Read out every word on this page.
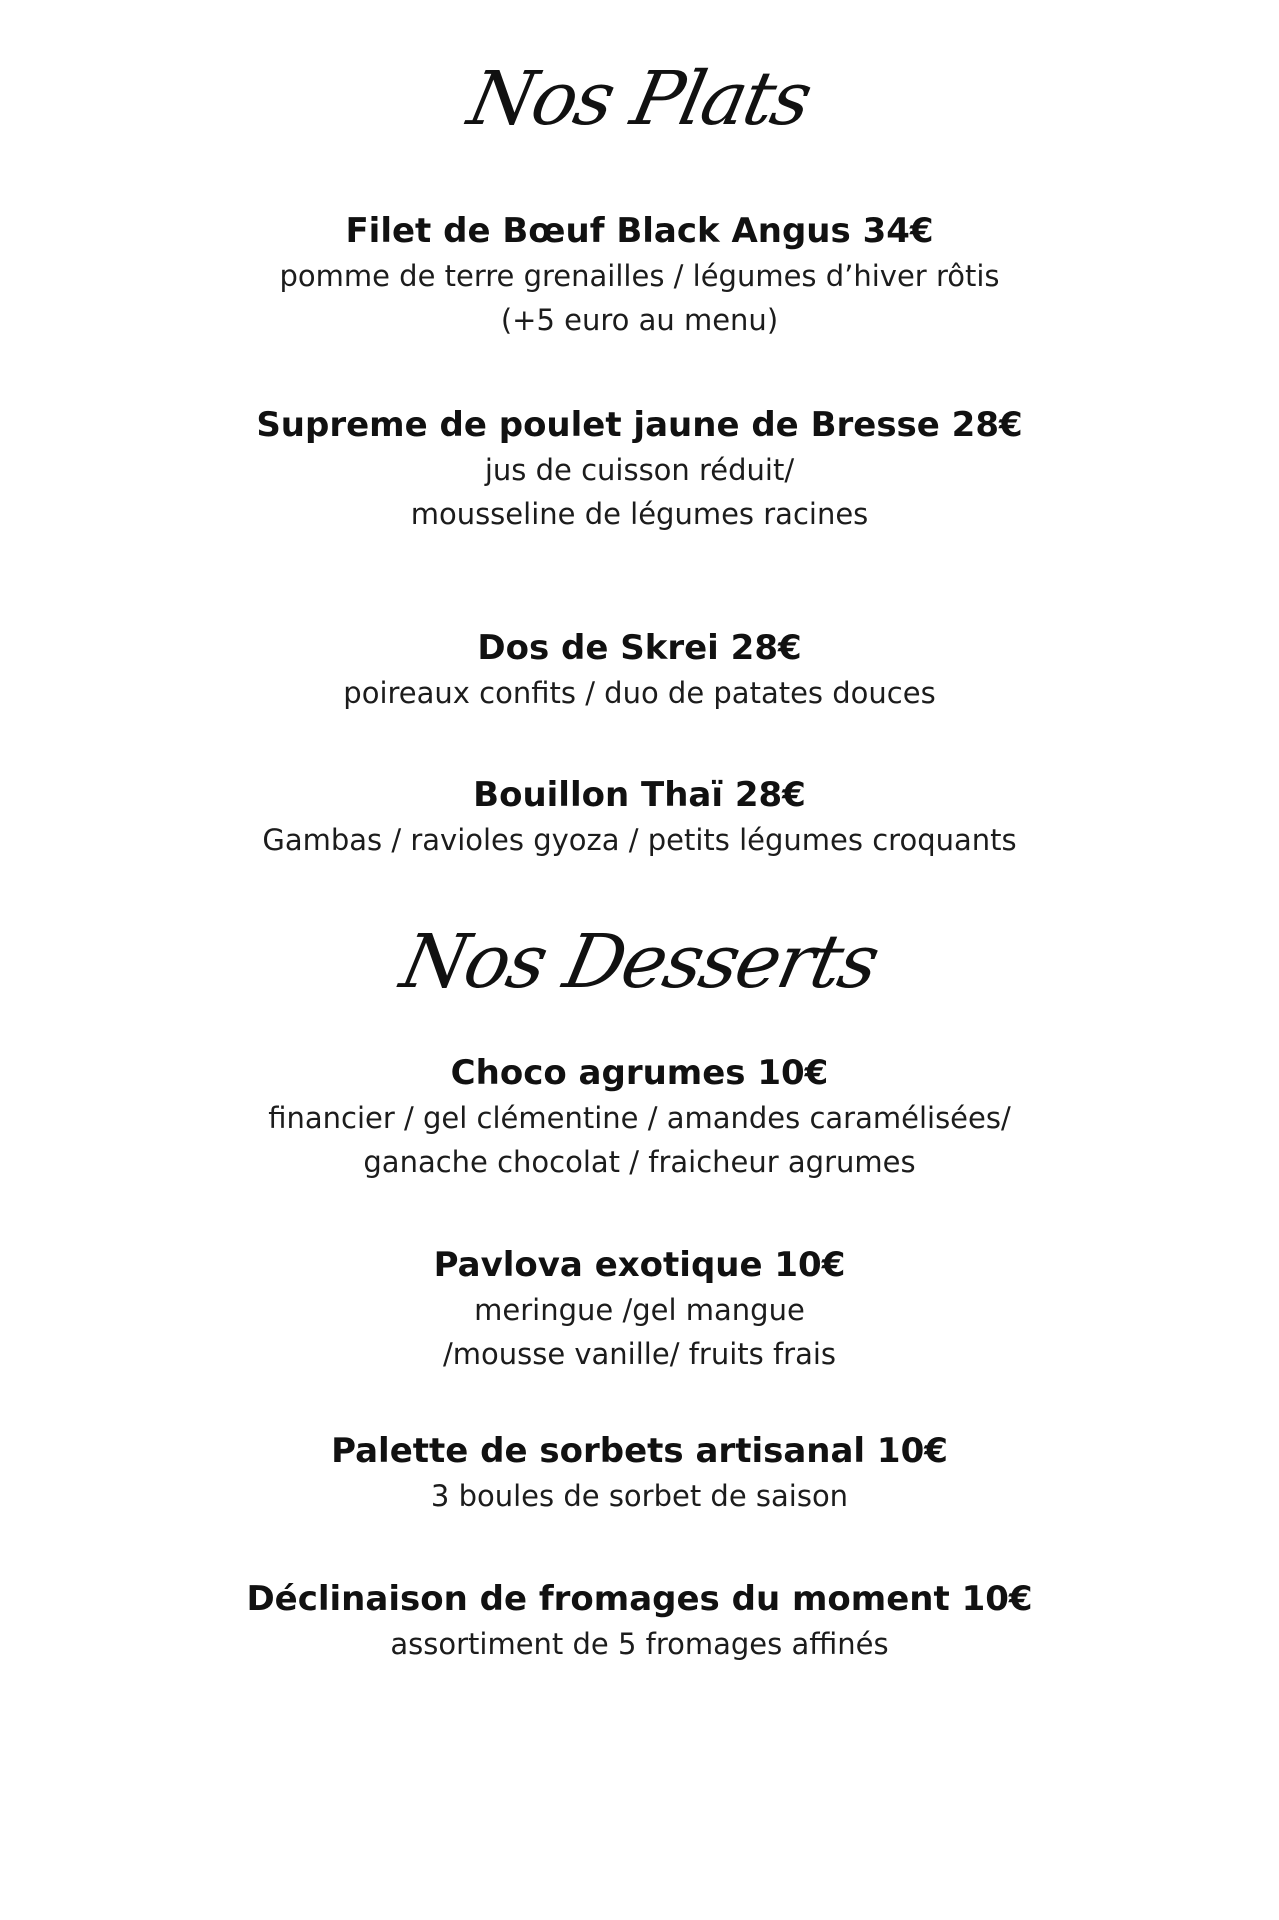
Nos Plats

Filet de Bœuf Black Angus 34€

pomme de terre grenailles / légumes d’hiver rôtis

(+5 euro au menu)

Supreme de poulet jaune de Bresse 28€

jus de cuisson réduit/

mousseline de légumes racines

Dos de Skrei 28€

poireaux confits / duo de patates douces

Bouillon Thaï 28€

Gambas / ravioles gyoza / petits légumes croquants

Nos Desserts

Choco agrumes 10€

financier / gel clémentine / amandes caramélisées/

ganache chocolat / fraicheur agrumes

Pavlova exotique 10€

meringue /gel mangue

/mousse vanille/ fruits frais

Palette de sorbets artisanal 10€

3 boules de sorbet de saison

Déclinaison de fromages du moment 10€

assortiment de 5 fromages affinés
